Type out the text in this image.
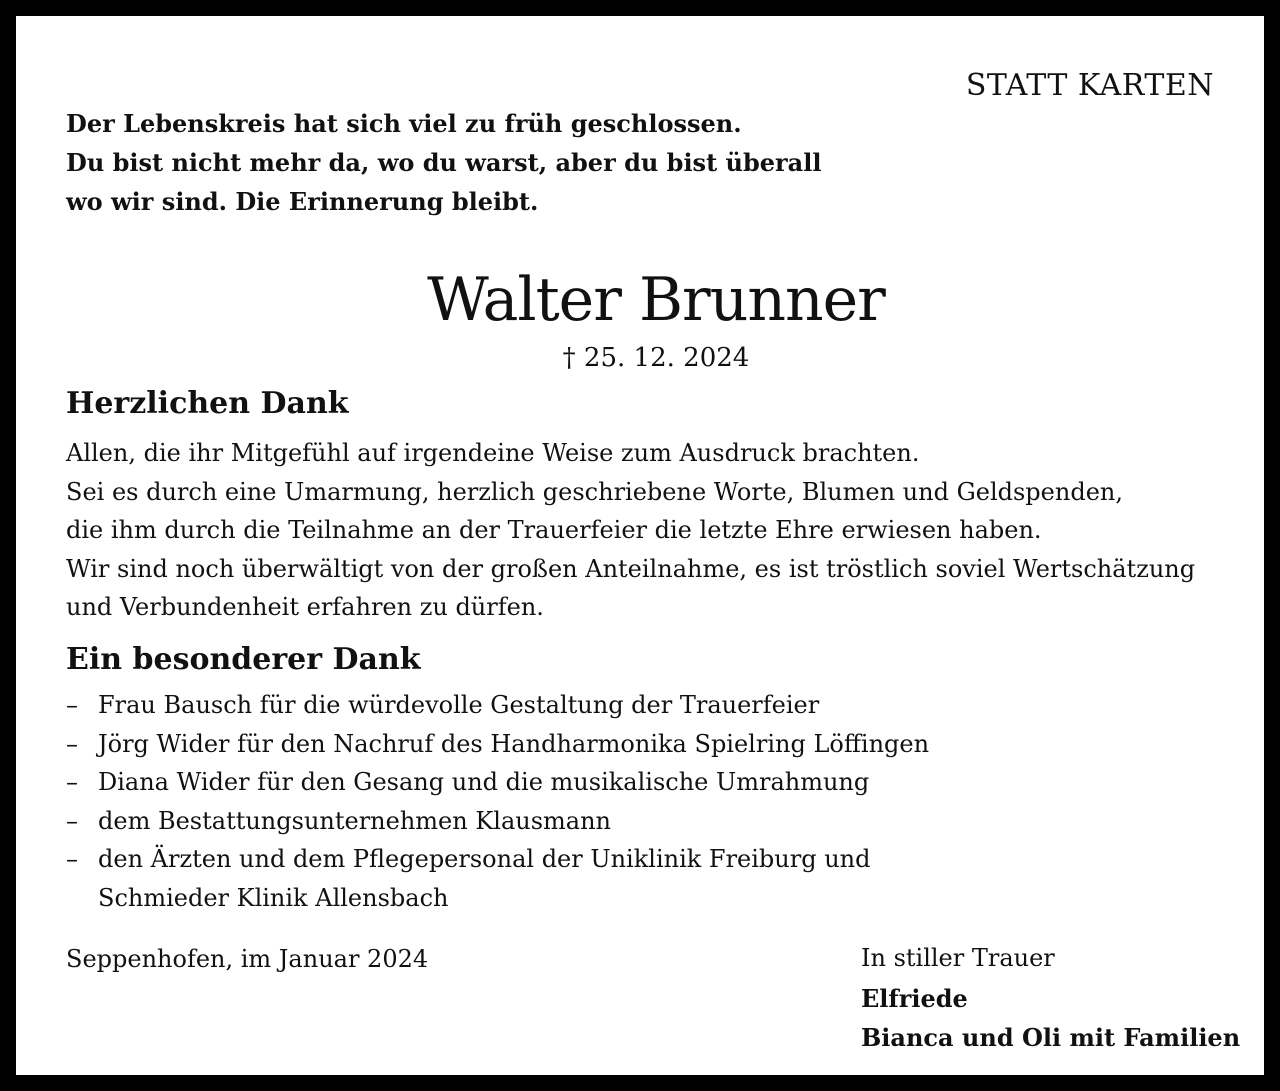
STATT KARTEN
Der Lebenskreis hat sich viel zu früh geschlossen.
Du bist nicht mehr da, wo du warst, aber du bist überall
wo wir sind. Die Erinnerung bleibt.
Walter Brunner
† 25. 12. 2024
Herzlichen Dank
Allen, die ihr Mitgefühl auf irgendeine Weise zum Ausdruck brachten.
Sei es durch eine Umarmung, herzlich geschriebene Worte, Blumen und Geldspenden,
die ihm durch die Teilnahme an der Trauerfeier die letzte Ehre erwiesen haben.
Wir sind noch überwältigt von der großen Anteilnahme, es ist tröstlich soviel Wertschätzung
und Verbundenheit erfahren zu dürfen.
Ein besonderer Dank
– Frau Bausch für die würdevolle Gestaltung der Trauerfeier
– Jörg Wider für den Nachruf des Handharmonika Spielring Löffingen
– Diana Wider für den Gesang und die musikalische Umrahmung
– dem Bestattungsunternehmen Klausmann
– den Ärzten und dem Pflegepersonal der Uniklinik Freiburg und
Schmieder Klinik Allensbach
Seppenhofen, im Januar 2024	In stiller Trauer
Elfriede
Bianca und Oli mit Familien
